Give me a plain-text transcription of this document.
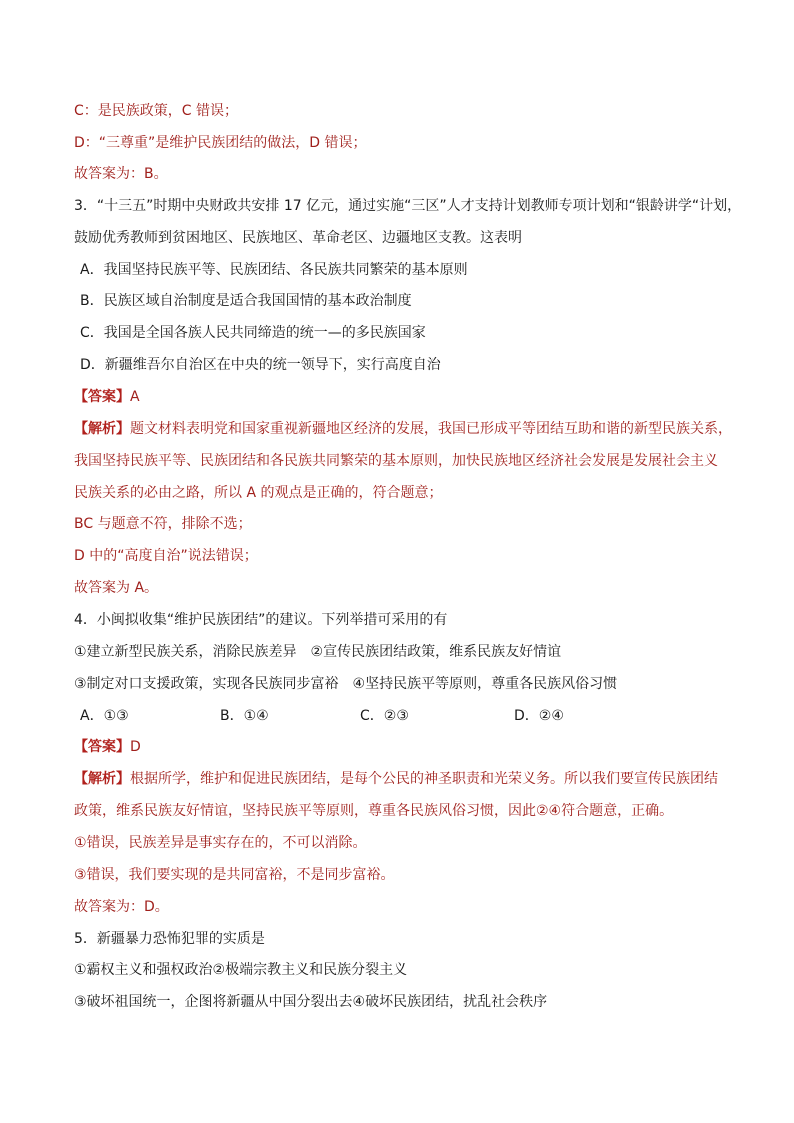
C：是民族政策，C 错误；
D：“三尊重”是维护民族团结的做法，D 错误；
故答案为：B。
3．“十三五”时期中央财政共安排 17 亿元，通过实施“三区”人才支持计划教师专项计划和“银龄讲学“计划，
鼓励优秀教师到贫困地区、民族地区、革命老区、边疆地区支教。这表明
A．我国坚持民族平等、民族团结、各民族共同繁荣的基本原则
B．民族区域自治制度是适合我国国情的基本政治制度
C．我国是全国各族人民共同缔造的统一—的多民族国家
D．新疆维吾尔自治区在中央的统一领导下，实行高度自治
【答案】A
【解析】题文材料表明党和国家重视新疆地区经济的发展，我国已形成平等团结互助和谐的新型民族关系，
我国坚持民族平等、民族团结和各民族共同繁荣的基本原则，加快民族地区经济社会发展是发展社会主义
民族关系的必由之路，所以 A 的观点是正确的，符合题意；
BC 与题意不符，排除不选；
D 中的“高度自治”说法错误；
故答案为 A。
4．小闽拟收集“维护民族团结”的建议。下列举措可采用的有
①建立新型民族关系，消除民族差异　②宣传民族团结政策，维系民族友好情谊
③制定对口支援政策，实现各民族同步富裕　④坚持民族平等原则，尊重各民族风俗习惯
A．①③	B．①④	C．②③	D．②④
【答案】D
【解析】根据所学，维护和促进民族团结，是每个公民的神圣职责和光荣义务。所以我们要宣传民族团结
政策，维系民族友好情谊，坚持民族平等原则，尊重各民族风俗习惯，因此②④符合题意，正确。
①错误，民族差异是事实存在的，不可以消除。
③错误，我们要实现的是共同富裕，不是同步富裕。
故答案为：D。
5．新疆暴力恐怖犯罪的实质是
①霸权主义和强权政治②极端宗教主义和民族分裂主义
③破坏祖国统一，企图将新疆从中国分裂出去④破坏民族团结，扰乱社会秩序
